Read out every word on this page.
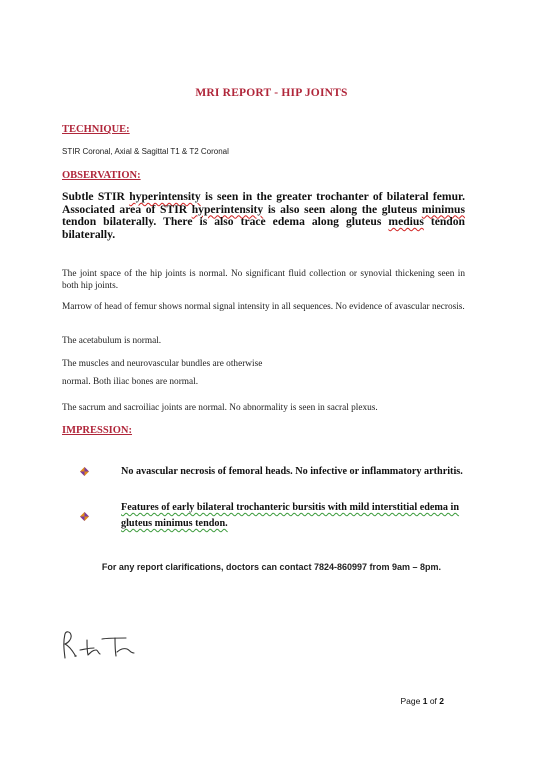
MRI REPORT - HIP JOINTS
TECHNIQUE:
STIR Coronal, Axial & Sagittal T1 & T2 Coronal
OBSERVATION:
Subtle STIR hyperintensity is seen in the greater trochanter of bilateral femur. Associated area of STIR hyperintensity is also seen along the gluteus minimus tendon bilaterally. There is also trace edema along gluteus medius tendon bilaterally.
The joint space of the hip joints is normal. No significant fluid collection or synovial thickening seen in both hip joints.
Marrow of head of femur shows normal signal intensity in all sequences. No evidence of avascular necrosis.
The acetabulum is normal.
The muscles and neurovascular bundles are otherwise
normal. Both iliac bones are normal.
The sacrum and sacroiliac joints are normal. No abnormality is seen in sacral plexus.
IMPRESSION:
No avascular necrosis of femoral heads. No infective or inflammatory arthritis.
Features of early bilateral trochanteric bursitis with mild interstitial edema in gluteus minimus tendon.
For any report clarifications, doctors can contact 7824-860997 from 9am – 8pm.
Page 1 of 2
